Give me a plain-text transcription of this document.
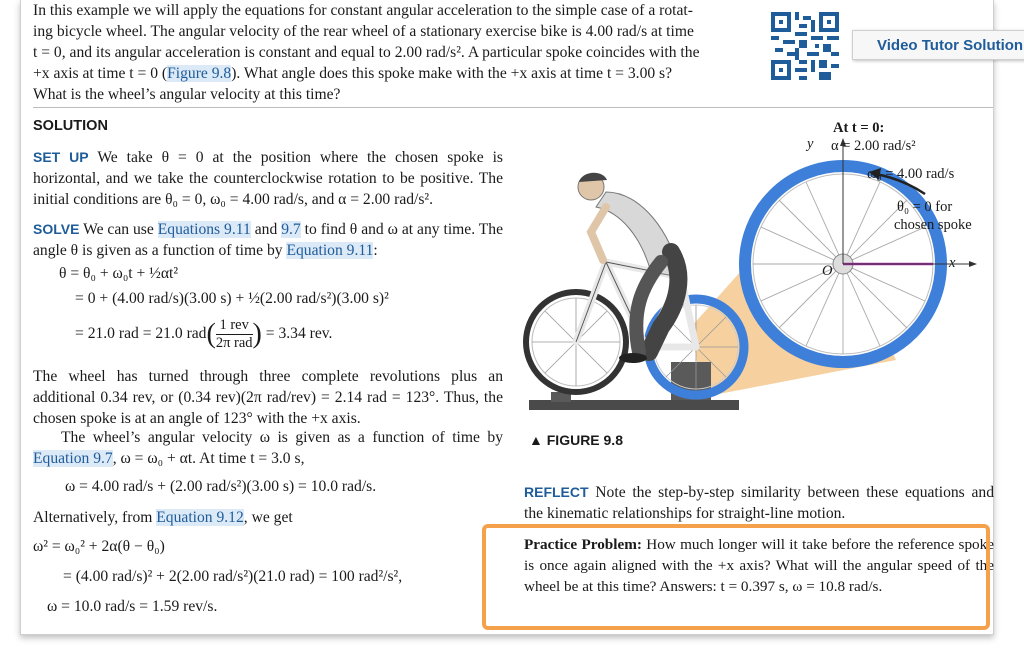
In this example we will apply the equations for constant angular acceleration to the simple case of a rotat-
ing bicycle wheel. The angular velocity of the rear wheel of a stationary exercise bike is 4.00 rad/s at time
t = 0, and its angular acceleration is constant and equal to 2.00 rad/s². A particular spoke coincides with the
+x axis at time t = 0 (Figure 9.8). What angle does this spoke make with the +x axis at time t = 3.00 s?
What is the wheel’s angular velocity at this time?
Video Tutor Solution
SOLUTION
SET UP We take θ = 0 at the position where the chosen spoke is horizontal, and we take the counterclockwise rotation to be positive. The initial conditions are θ₀ = 0, ω₀ = 4.00 rad/s, and α = 2.00 rad/s².
SOLVE We can use Equations 9.11 and 9.7 to find θ and ω at any time. The angle θ is given as a function of time by Equation 9.11:
θ = θ₀ + ω₀t + ½αt²
= 0 + (4.00 rad/s)(3.00 s) + ½(2.00 rad/s²)(3.00 s)²
= 21.0 rad = 21.0 $rad( \frac{\text{1 rev}}{\text{2π rad}}$ ) = 3.34 rev.
The wheel has turned through three complete revolutions plus an additional 0.34 rev, or (0.34 rev)(2π rad/rev) = 2.14 rad = 123°. Thus, the chosen spoke is at an angle of 123° with the +x axis.
The wheel’s angular velocity ω is given as a function of time by Equation 9.7, ω = ω₀ + αt. At time t = 3.0 s,
ω = 4.00 rad/s + (2.00 rad/s²)(3.00 s) = 10.0 rad/s.
Alternatively, from Equation 9.12, we get
ω² = ω₀² + 2α(θ − θ₀)
= (4.00 rad/s)² + 2(2.00 rad/s²)(21.0 rad) = 100 rad²/s²,
ω = 10.0 rad/s = 1.59 rev/s.
At t = 0:
α = 2.00 rad/s²
ω₀ = 4.00 rad/s
θ₀ = 0 for
chosen spoke
y
x
O
▲ FIGURE 9.8
REFLECT Note the step-by-step similarity between these equations and the kinematic relationships for straight-line motion.
Practice Problem: How much longer will it take before the reference spoke is once again aligned with the +x axis? What will the angular speed of the wheel be at this time? Answers: t = 0.397 s, ω = 10.8 rad/s.
